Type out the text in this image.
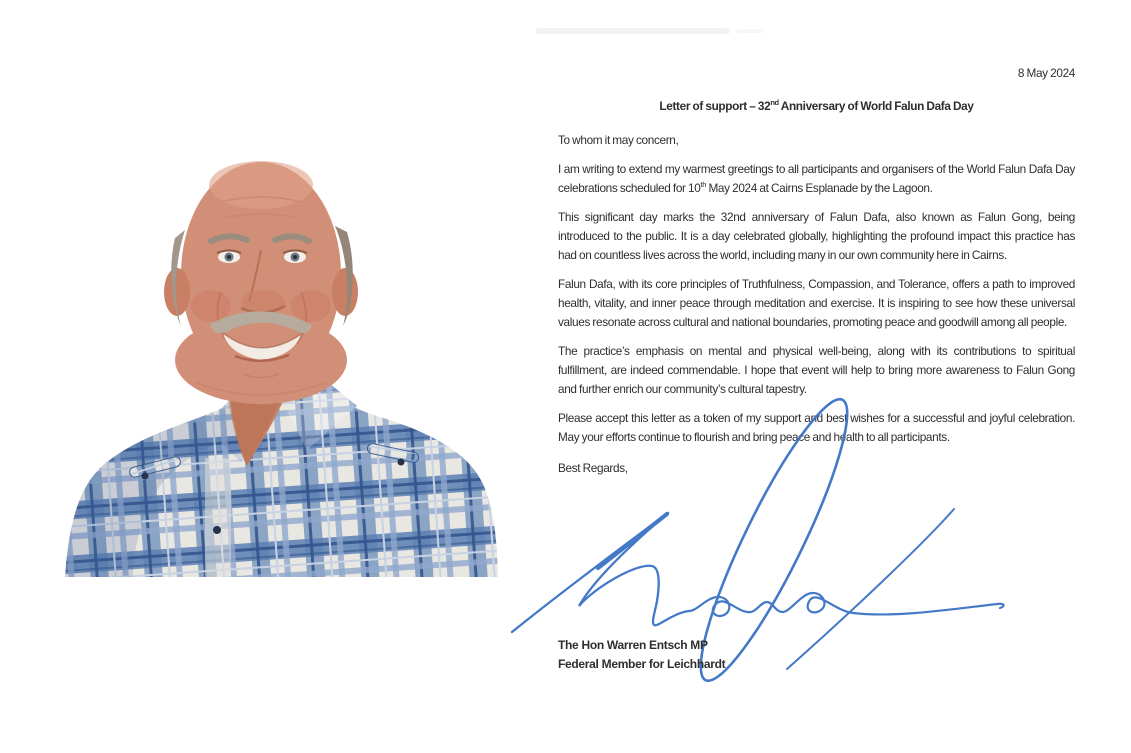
8 May 2024
Letter of support – 32nd Anniversary of World Falun Dafa Day

To whom it may concern,

I am writing to extend my warmest greetings to all participants and organisers of the World Falun Dafa Day celebrations scheduled for 10th May 2024 at Cairns Esplanade by the Lagoon.

This significant day marks the 32nd anniversary of Falun Dafa, also known as Falun Gong, being introduced to the public. It is a day celebrated globally, highlighting the profound impact this practice has had on countless lives across the world, including many in our own community here in Cairns.

Falun Dafa, with its core principles of Truthfulness, Compassion, and Tolerance, offers a path to improved health, vitality, and inner peace through meditation and exercise. It is inspiring to see how these universal values resonate across cultural and national boundaries, promoting peace and goodwill among all people.

The practice’s emphasis on mental and physical well-being, along with its contributions to spiritual fulfillment, are indeed commendable. I hope that event will help to bring more awareness to Falun Gong and further enrich our community’s cultural tapestry.

Please accept this letter as a token of my support and best wishes for a successful and joyful celebration. May your efforts continue to flourish and bring peace and health to all participants.

Best Regards,

The Hon Warren Entsch MP
Federal Member for Leichhardt
